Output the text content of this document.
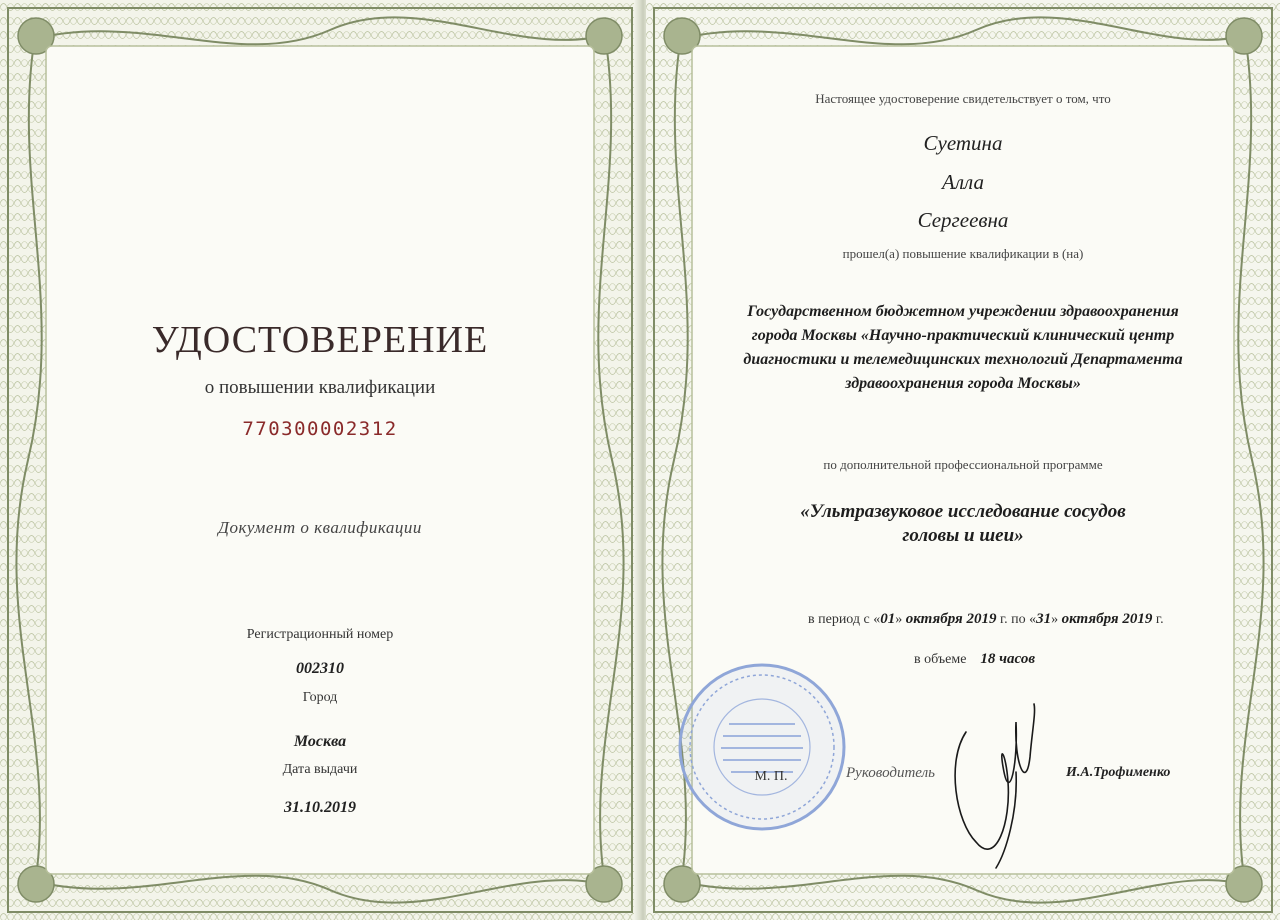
УДОСТОВЕРЕНИЕ
о повышении квалификации
770300002312
Документ о квалификации
Регистрационный номер
002310
Город
Москва
Дата выдачи
31.10.2019
Настоящее удостоверение свидетельствует о том, что
Суетина
Алла
Сергеевна
прошел(а) повышение квалификации в (на)
Государственном бюджетном учреждении здравоохранения
города Москвы «Научно-практический клинический центр
диагностики и телемедицинских технологий Департамента
здравоохранения города Москвы»
по дополнительной профессиональной программе
«Ультразвуковое исследование сосудов
головы и шеи»
в период с «01» октября 2019 г. по «31» октября 2019 г.
в объеме 18 часов
М. П.	Руководитель	И.А.Трофименко
